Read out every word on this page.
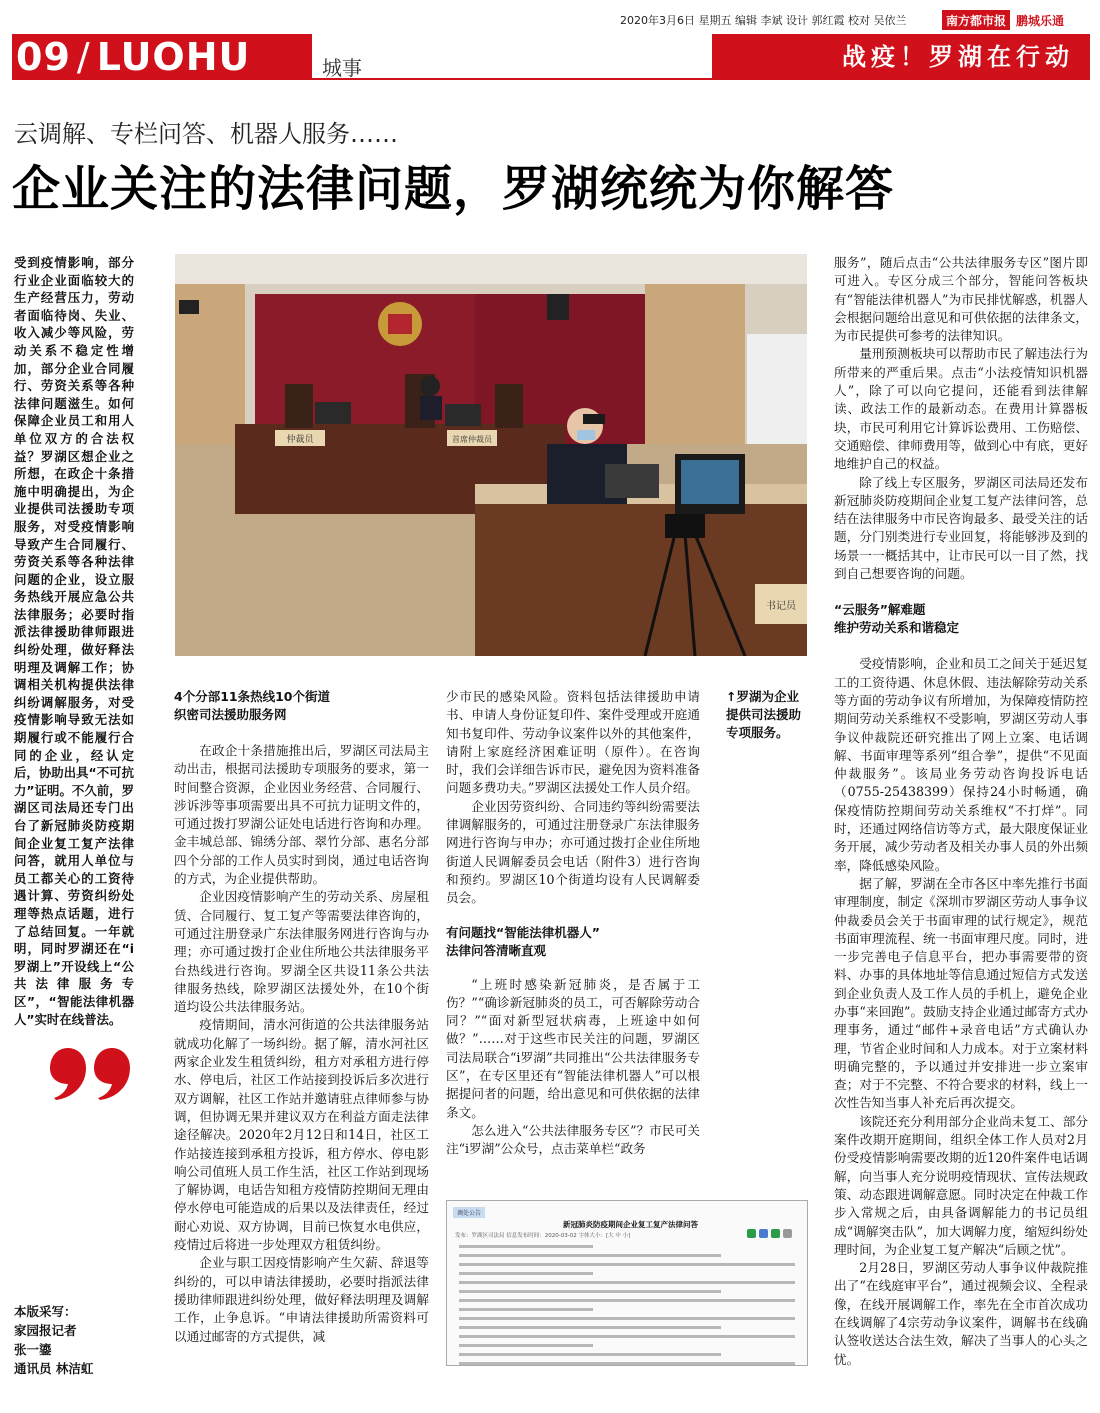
2020年3月6日 星期五 编辑 李斌 设计 郭红霞 校对 吴依兰	南方都市报 鹏城乐通
09 / LUOHU	城事	战疫！罗湖在行动
云调解、专栏问答、机器人服务……
企业关注的法律问题，罗湖统统为你解答
受到疫情影响，部分行业企业面临较大的生产经营压力，劳动者面临待岗、失业、收入减少等风险，劳动关系不稳定性增加，部分企业合同履行、劳资关系等各种法律问题滋生。如何保障企业员工和用人单位双方的合法权益？罗湖区想企业之所想，在政企十条措施中明确提出，为企业提供司法援助专项服务，对受疫情影响导致产生合同履行、劳资关系等各种法律问题的企业，设立服务热线开展应急公共法律服务；必要时指派法律援助律师跟进纠纷处理，做好释法明理及调解工作；协调相关机构提供法律纠纷调解服务，对受疫情影响导致无法如期履行或不能履行合同的企业，经认定后，协助出具“不可抗力”证明。不久前，罗湖区司法局还专门出台了新冠肺炎防疫期间企业复工复产法律问答，就用人单位与员工都关心的工资待遇计算、劳资纠纷处理等热点话题，进行了总结回复。一年就明，同时罗湖还在“i罗湖上”开设线上“公共法律服务专区”，“智能法律机器人”实时在线普法。
本版采写：
家园报记者
张一鎏
通讯员 林洁虹
仲裁员	首席仲裁员
书记员
4个分部11条热线10个街道
织密司法援助服务网

在政企十条措施推出后，罗湖区司法局主动出击，根据司法援助专项服务的要求，第一时间整合资源，企业因业务经营、合同履行、涉诉涉等事项需要出具不可抗力证明文件的，可通过拨打罗湖公证处电话进行咨询和办理。金丰城总部、锦绣分部、翠竹分部、惠名分部四个分部的工作人员实时到岗，通过电话咨询的方式，为企业提供帮助。

企业因疫情影响产生的劳动关系、房屋租赁、合同履行、复工复产等需要法律咨询的，可通过注册登录广东法律服务网进行咨询与办理；亦可通过拨打企业住所地公共法律服务平台热线进行咨询。罗湖全区共设11条公共法律服务热线，除罗湖区法援处外，在10个街道均设公共法律服务站。

疫情期间，清水河街道的公共法律服务站就成功化解了一场纠纷。据了解，清水河社区两家企业发生租赁纠纷，租方对承租方进行停水、停电后，社区工作站接到投诉后多次进行双方调解，社区工作站并邀请驻点律师参与协调，但协调无果并建议双方在利益方面走法律途径解决。2020年2月12日和14日，社区工作站接连接到承租方投诉，租方停水、停电影响公司值班人员工作生活，社区工作站到现场了解协调，电话告知租方疫情防控期间无理由停水停电可能造成的后果以及法律责任，经过耐心劝说、双方协调，目前已恢复水电供应，疫情过后将进一步处理双方租赁纠纷。

企业与职工因疫情影响产生欠薪、辞退等纠纷的，可以申请法律援助，必要时指派法律援助律师跟进纠纷处理，做好释法明理及调解工作，止争息诉。“申请法律援助所需资料可以通过邮寄的方式提供，减

少市民的感染风险。资料包括法律援助申请书、申请人身份证复印件、案件受理或开庭通知书复印件、劳动争议案件以外的其他案件，请附上家庭经济困难证明（原件）。在咨询时，我们会详细告诉市民，避免因为资料准备问题多费功夫。”罗湖区法援处工作人员介绍。

企业因劳资纠纷、合同违约等纠纷需要法律调解服务的，可通过注册登录广东法律服务网进行咨询与申办；亦可通过拨打企业住所地街道人民调解委员会电话（附件3）进行咨询和预约。罗湖区10个街道均设有人民调解委员会。

有问题找“智能法律机器人”
法律问答清晰直观

“上班时感染新冠肺炎，是否属于工伤？”“确诊新冠肺炎的员工，可否解除劳动合同？”“面对新型冠状病毒，上班途中如何做？”……对于这些市民关注的问题，罗湖区司法局联合“i罗湖”共同推出“公共法律服务专区”，在专区里还有“智能法律机器人”可以根据提问者的问题，给出意见和可供依据的法律条文。

怎么进入“公共法律服务专区”？市民可关注“i罗湖”公众号，点击菜单栏“政务

↑罗湖为企业提供司法援助专项服务。
调处公告
新冠肺炎防疫期间企业复工复产法律问答
发布：罗湖区司法局 信息发布时间：2020-03-02 字体大小：[大 中 小]

服务”，随后点击“公共法律服务专区”图片即可进入。专区分成三个部分，智能问答板块有“智能法律机器人”为市民排忧解惑，机器人会根据问题给出意见和可供依据的法律条文，为市民提供可参考的法律知识。

量刑预测板块可以帮助市民了解违法行为所带来的严重后果。点击“小法疫情知识机器人”，除了可以向它提问，还能看到法律解读、政法工作的最新动态。在费用计算器板块，市民可利用它计算诉讼费用、工伤赔偿、交通赔偿、律师费用等，做到心中有底，更好地维护自己的权益。

除了线上专区服务，罗湖区司法局还发布新冠肺炎防疫期间企业复工复产法律问答，总结在法律服务中市民咨询最多、最受关注的话题，分门别类进行专业回复，将能够涉及到的场景一一概括其中，让市民可以一目了然，找到自己想要咨询的问题。

“云服务”解难题
维护劳动关系和谐稳定

受疫情影响，企业和员工之间关于延迟复工的工资待遇、休息休假、违法解除劳动关系等方面的劳动争议有所增加，为保障疫情防控期间劳动关系维权不受影响，罗湖区劳动人事争议仲裁院还研究推出了网上立案、电话调解、书面审理等系列“组合拳”，提供“不见面仲裁服务”。该局业务劳动咨询投诉电话（0755-25438399）保持24小时畅通，确保疫情防控期间劳动关系维权“不打烊”。同时，还通过网络信访等方式，最大限度保证业务开展，减少劳动者及相关办事人员的外出频率，降低感染风险。

据了解，罗湖在全市各区中率先推行书面审理制度，制定《深圳市罗湖区劳动人事争议仲裁委员会关于书面审理的试行规定》，规范书面审理流程、统一书面审理尺度。同时，进一步完善电子信息平台，把办事需要带的资料、办事的具体地址等信息通过短信方式发送到企业负责人及工作人员的手机上，避免企业办事“来回跑”。鼓励支持企业通过邮寄方式办理事务，通过“邮件+录音电话”方式确认办理，节省企业时间和人力成本。对于立案材料明确完整的，予以通过并安排进一步立案审查；对于不完整、不符合要求的材料，线上一次性告知当事人补充后再次提交。

该院还充分利用部分企业尚未复工、部分案件改期开庭期间，组织全体工作人员对2月份受疫情影响需要改期的近120件案件电话调解，向当事人充分说明疫情现状、宣传法规政策、动态跟进调解意愿。同时决定在仲裁工作步入常规之后，由具备调解能力的书记员组成“调解突击队”，加大调解力度，缩短纠纷处理时间，为企业复工复产解决“后顾之忧”。

2月28日，罗湖区劳动人事争议仲裁院推出了“在线庭审平台”，通过视频会议、全程录像，在线开展调解工作，率先在全市首次成功在线调解了4宗劳动争议案件，调解书在线确认签收送达合法生效，解决了当事人的心头之忧。
